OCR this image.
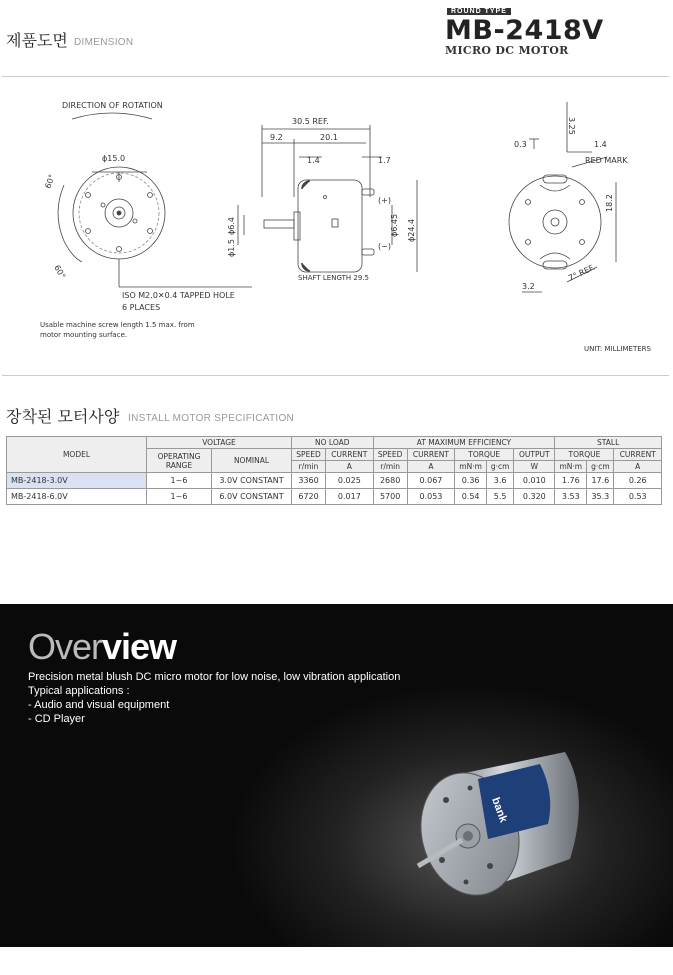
제품도면 DIMENSION
ROUND TYPE
MB-2418V
MICRO DC MOTOR
DIRECTION OF ROTATION
ϕ15.0
60°
60°
ISO M2.0✕0.4 TAPPED HOLE
6 PLACES
Usable machine screw length 1.5 max. from
motor mounting surface.
30.5 REF.
9.2	20.1
1.4	1.7
ϕ6.4
ϕ1.5
ϕ6.45 ϕ24.4
(+)
(−)
SHAFT LENGTH 29.5
3.25
0.3	1.4
RED MARK
18.2
3.2
7° REF.
UNIT: MILLIMETERS
장착된 모터사양 INSTALL MOTOR SPECIFICATION
MODEL	VOLTAGE		NO LOAD		AT MAXIMUM EFFICIENCY					STALL		
	OPERATING RANGE	NOMINAL	SPEED	CURRENT	SPEED	CURRENT	TORQUE		OUTPUT	TORQUE		CURRENT
			r/min	A	r/min	A	mN·m	g·cm	W	mN·m	g·cm	A
MB-2418-3.0V	1~6	3.0V CONSTANT	3360	0.025	2680	0.067	0.36	3.6	0.010	1.76	17.6	0.26
MB-2418-6.0V	1~6	6.0V CONSTANT	6720	0.017	5700	0.053	0.54	5.5	0.320	3.53	35.3	0.53
bank
Overview
Precision metal blush DC micro motor for low noise, low vibration application
Typical applications :
- Audio and visual equipment
- CD Player
